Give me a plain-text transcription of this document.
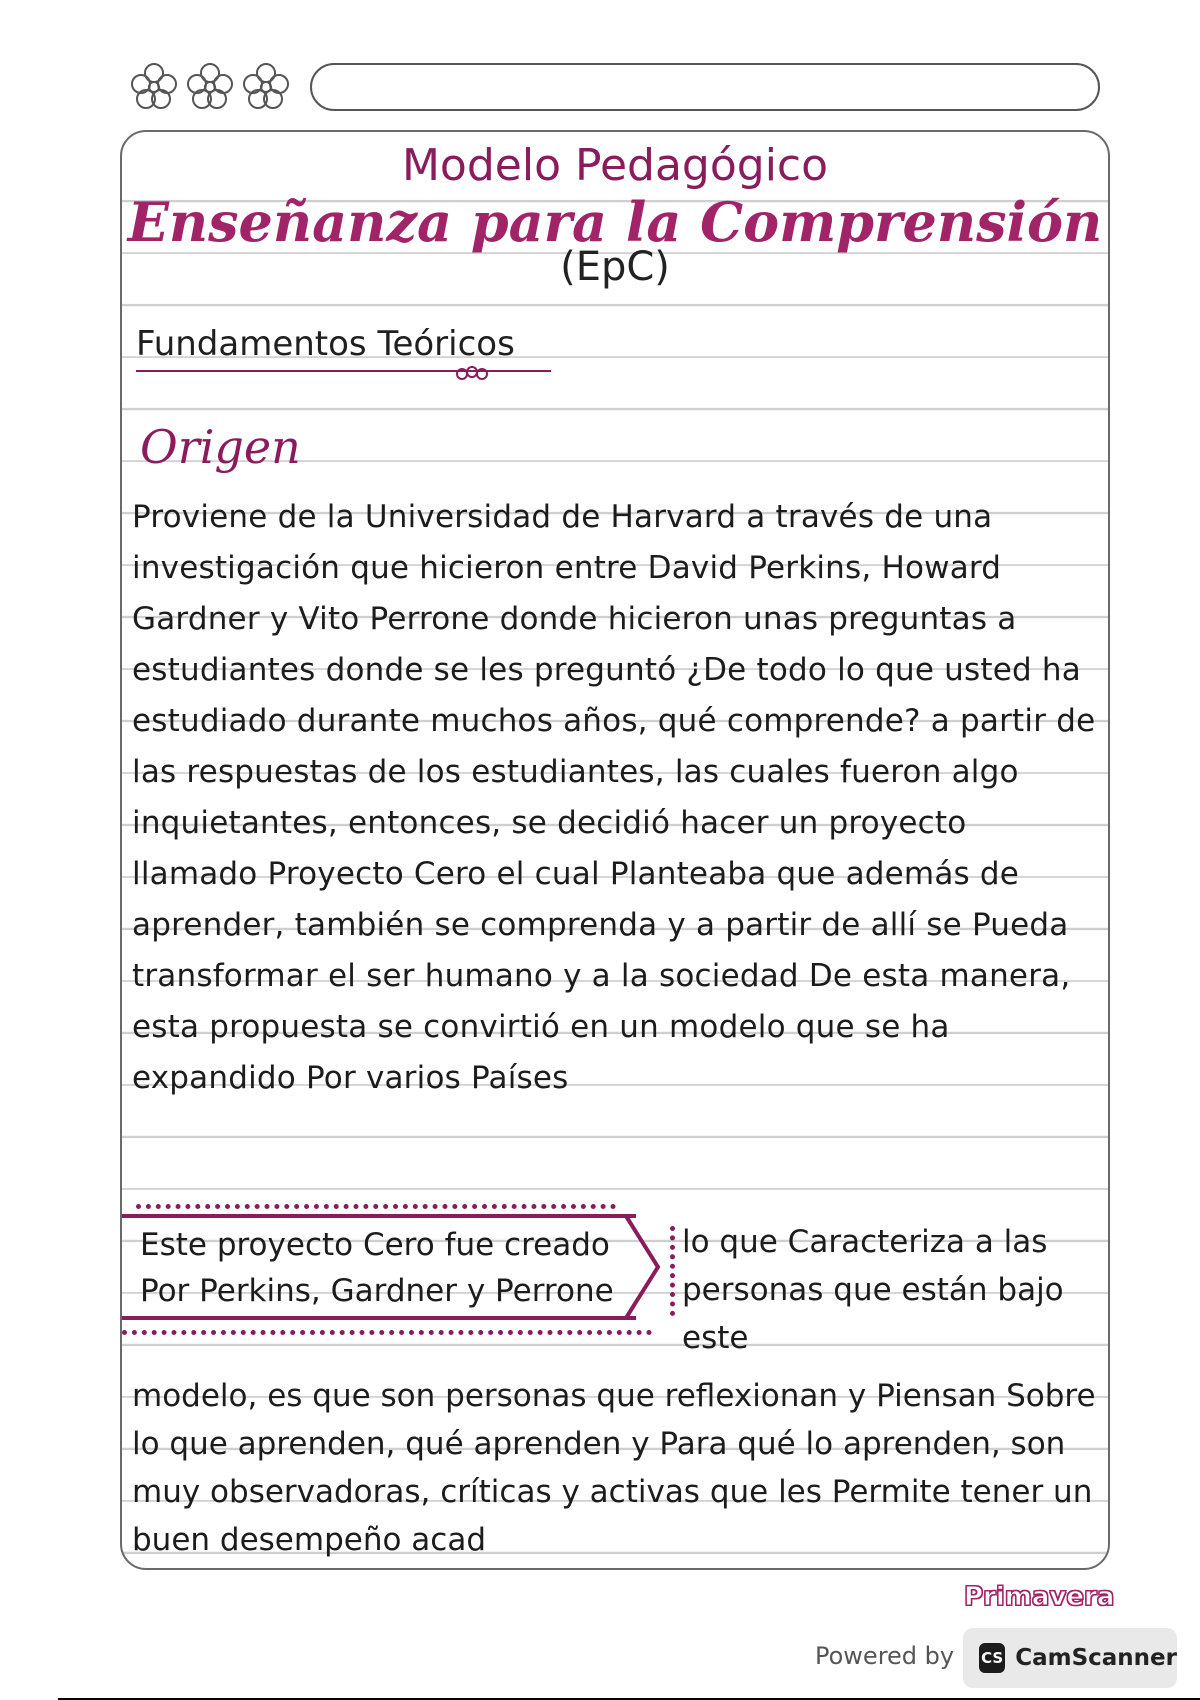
Modelo Pedagógico
Enseñanza para la Comprensión
(EpC)
Fundamentos Teóricos
Origen

Proviene de la Universidad de Harvard a través de una investigación que hicieron entre David Perkins, Howard Gardner y Vito Perrone donde hicieron unas preguntas a estudiantes donde se les preguntó ¿De todo lo que usted ha estudiado durante muchos años, qué comprende? a partir de las respuestas de los estudiantes, las cuales fueron algo inquietantes, entonces, se decidió hacer un proyecto llamado Proyecto Cero el cual Planteaba que además de aprender, también se comprenda y a partir de allí se Pueda transformar el ser humano y a la sociedad De esta manera, esta propuesta se convirtió en un modelo que se ha expandido Por varios Países

Este proyecto Cero fue creado Por Perkins, Gardner y Perrone

lo que Caracteriza a las personas que están bajo este

modelo, es que son personas que reflexionan y Piensan Sobre lo que aprenden, qué aprenden y Para qué lo aprenden, son muy observadoras, críticas y activas que les Permite tener un buen desempeño acad

Primavera
Powered by CS CamScanner
